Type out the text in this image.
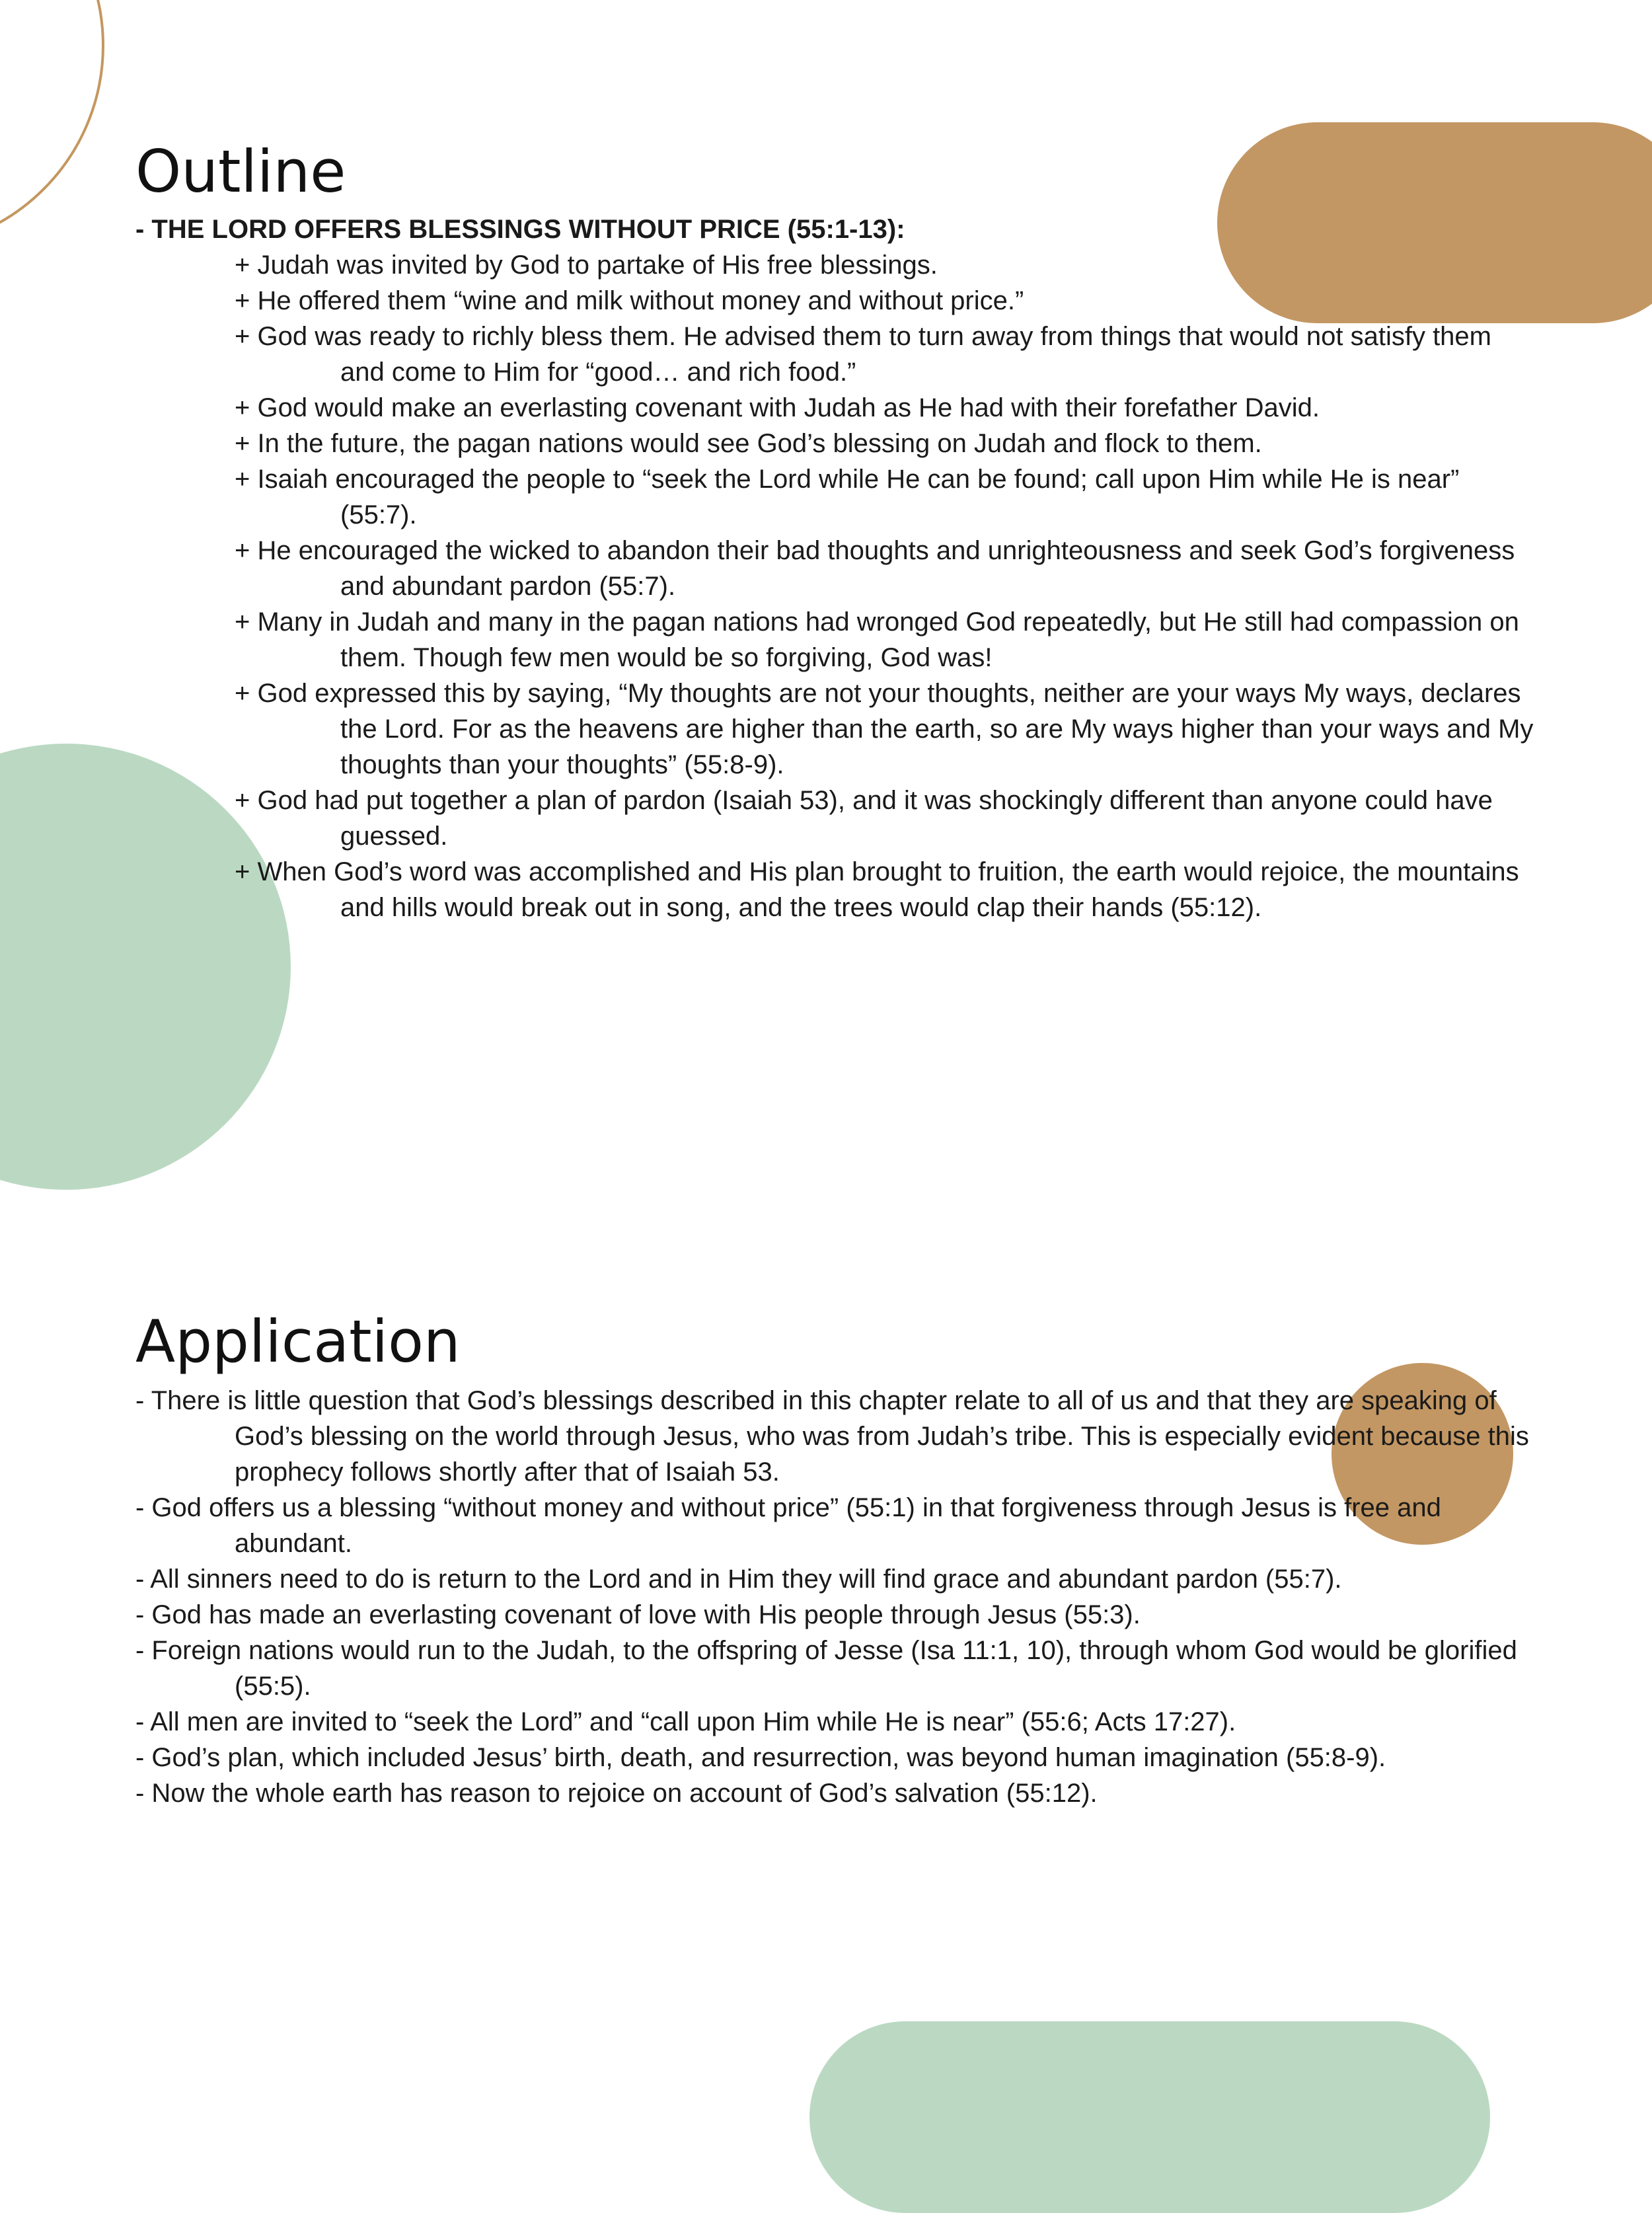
Outline
- THE LORD OFFERS BLESSINGS WITHOUT PRICE (55:1-13):
+ Judah was invited by God to partake of His free blessings.
+ He offered them “wine and milk without money and without price.”
+ God was ready to richly bless them. He advised them to turn away from things that would not satisfy them and come to Him for “good… and rich food.”
+ God would make an everlasting covenant with Judah as He had with their forefather David.
+ In the future, the pagan nations would see God’s blessing on Judah and flock to them.
+ Isaiah encouraged the people to “seek the Lord while He can be found; call upon Him while He is near” (55:7).
+ He encouraged the wicked to abandon their bad thoughts and unrighteousness and seek God’s forgiveness and abundant pardon (55:7).
+ Many in Judah and many in the pagan nations had wronged God repeatedly, but He still had compassion on them. Though few men would be so forgiving, God was!
+ God expressed this by saying, “My thoughts are not your thoughts, neither are your ways My ways, declares the Lord. For as the heavens are higher than the earth, so are My ways higher than your ways and My thoughts than your thoughts” (55:8-9).
+ God had put together a plan of pardon (Isaiah 53), and it was shockingly different than anyone could have guessed.
+ When God’s word was accomplished and His plan brought to fruition, the earth would rejoice, the mountains and hills would break out in song, and the trees would clap their hands (55:12).
Application
- There is little question that God’s blessings described in this chapter relate to all of us and that they are speaking of God’s blessing on the world through Jesus, who was from Judah’s tribe. This is especially evident because this prophecy follows shortly after that of Isaiah 53.
- God offers us a blessing “without money and without price” (55:1) in that forgiveness through Jesus is free and abundant.
- All sinners need to do is return to the Lord and in Him they will find grace and abundant pardon (55:7).
- God has made an everlasting covenant of love with His people through Jesus (55:3).
- Foreign nations would run to the Judah, to the offspring of Jesse (Isa 11:1, 10), through whom God would be glorified (55:5).
- All men are invited to “seek the Lord” and “call upon Him while He is near” (55:6; Acts 17:27).
- God’s plan, which included Jesus’ birth, death, and resurrection, was beyond human imagination (55:8-9).
- Now the whole earth has reason to rejoice on account of God’s salvation (55:12).
